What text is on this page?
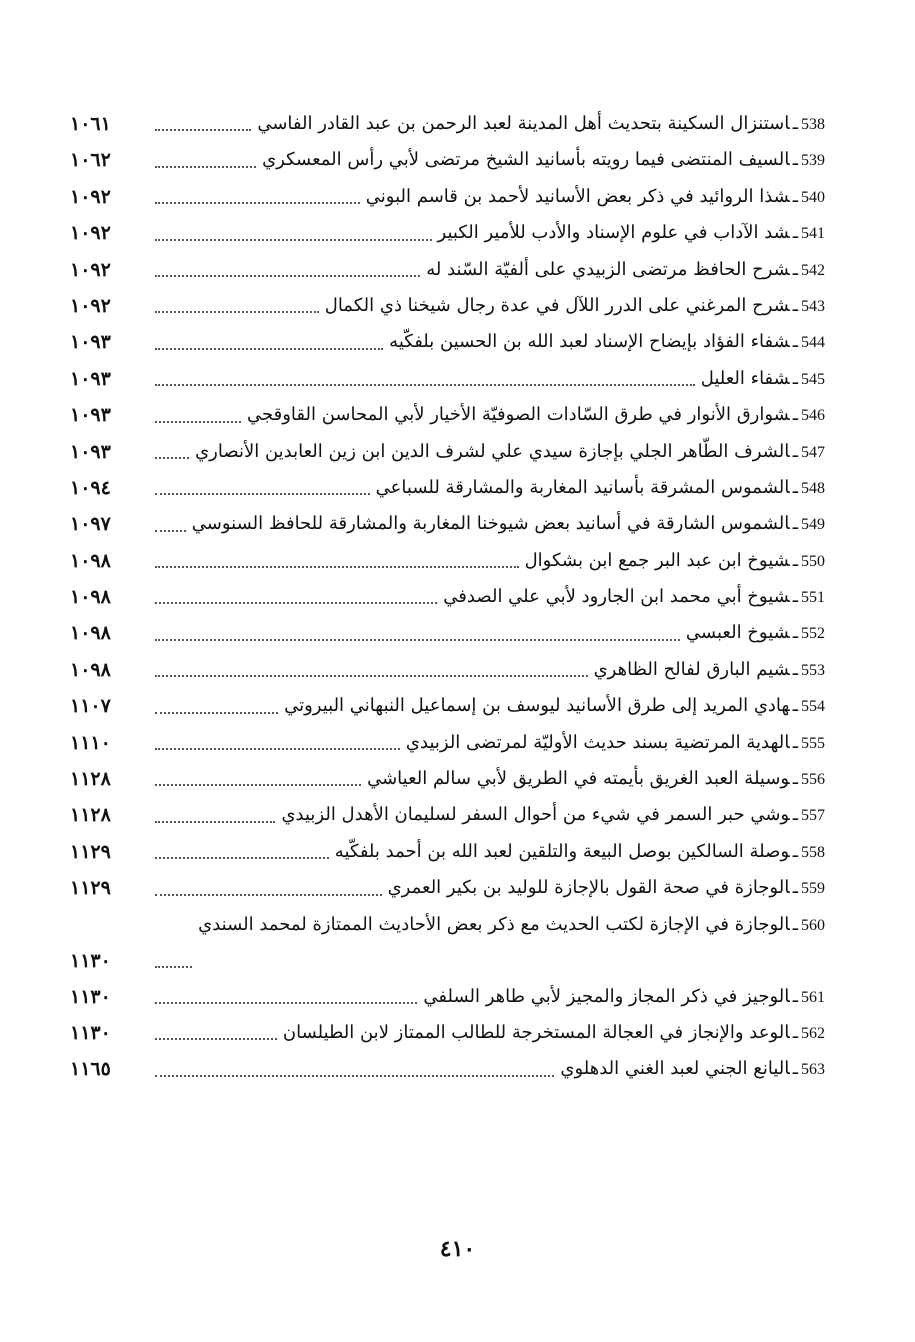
538ـاستنزال السكينة بتحديث أهل المدينة لعبد الرحمن بن عبد القادر الفاسي
١٠٦١
539ـالسيف المنتضى فيما رويته بأسانيد الشيخ مرتضى لأبي رأس المعسكري
١٠٦٢
540ـشذا الروائيد في ذكر بعض الأسانيد لأحمد بن قاسم البوني
١٠٩٢
541ـشد الآداب في علوم الإسناد والأدب للأمير الكبير
١٠٩٢
542ـشرح الحافظ مرتضى الزبيدي على ألفيّة السّند له
١٠٩٢
543ـشرح المرغني على الدرر اللآل في عدة رجال شيخنا ذي الكمال
١٠٩٢
544ـشفاء الفؤاد بإيضاح الإسناد لعبد الله بن الحسين بلفكّيه
١٠٩٣
545ـشفاء العليل
١٠٩٣
546ـشوارق الأنوار في طرق السّادات الصوفيّة الأخيار لأبي المحاسن القاوقجي
١٠٩٣
547ـالشرف الطّاهر الجلي بإجازة سيدي علي لشرف الدين ابن زين العابدين الأنصاري
١٠٩٣
548ـالشموس المشرقة بأسانيد المغاربة والمشارقة للسباعي
١٠٩٤
549ـالشموس الشارقة في أسانيد بعض شيوخنا المغاربة والمشارقة للحافظ السنوسي
١٠٩٧
550ـشيوخ ابن عبد البر جمع ابن بشكوال
١٠٩٨
551ـشيوخ أبي محمد ابن الجارود لأبي علي الصدفي
١٠٩٨
552ـشيوخ العبسي
١٠٩٨
553ـشيم البارق لفالح الظاهري
١٠٩٨
554ـهادي المريد إلى طرق الأسانيد ليوسف بن إسماعيل النبهاني البيروتي
١١٠٧
555ـالهدية المرتضية بسند حديث الأوليّة لمرتضى الزبيدي
١١١٠
556ـوسيلة العبد الغريق بأيمته في الطريق لأبي سالم العياشي
١١٢٨
557ـوشي حبر السمر في شيء من أحوال السفر لسليمان الأهدل الزبيدي
١١٢٨
558ـوصلة السالكين بوصل البيعة والتلقين لعبد الله بن أحمد بلفكّيه
١١٢٩
559ـالوجازة في صحة القول بالإجازة للوليد بن بكير العمري
١١٢٩
560ـالوجازة في الإجازة لكتب الحديث مع ذكر بعض الأحاديث الممتازة لمحمد السندي
١١٣٠
561ـالوجيز في ذكر المجاز والمجيز لأبي طاهر السلفي
١١٣٠
562ـالوعد والإنجاز في العجالة المستخرجة للطالب الممتاز لابن الطيلسان
١١٣٠
563ـاليانع الجني لعبد الغني الدهلوي
١١٦٥
٤١٠
